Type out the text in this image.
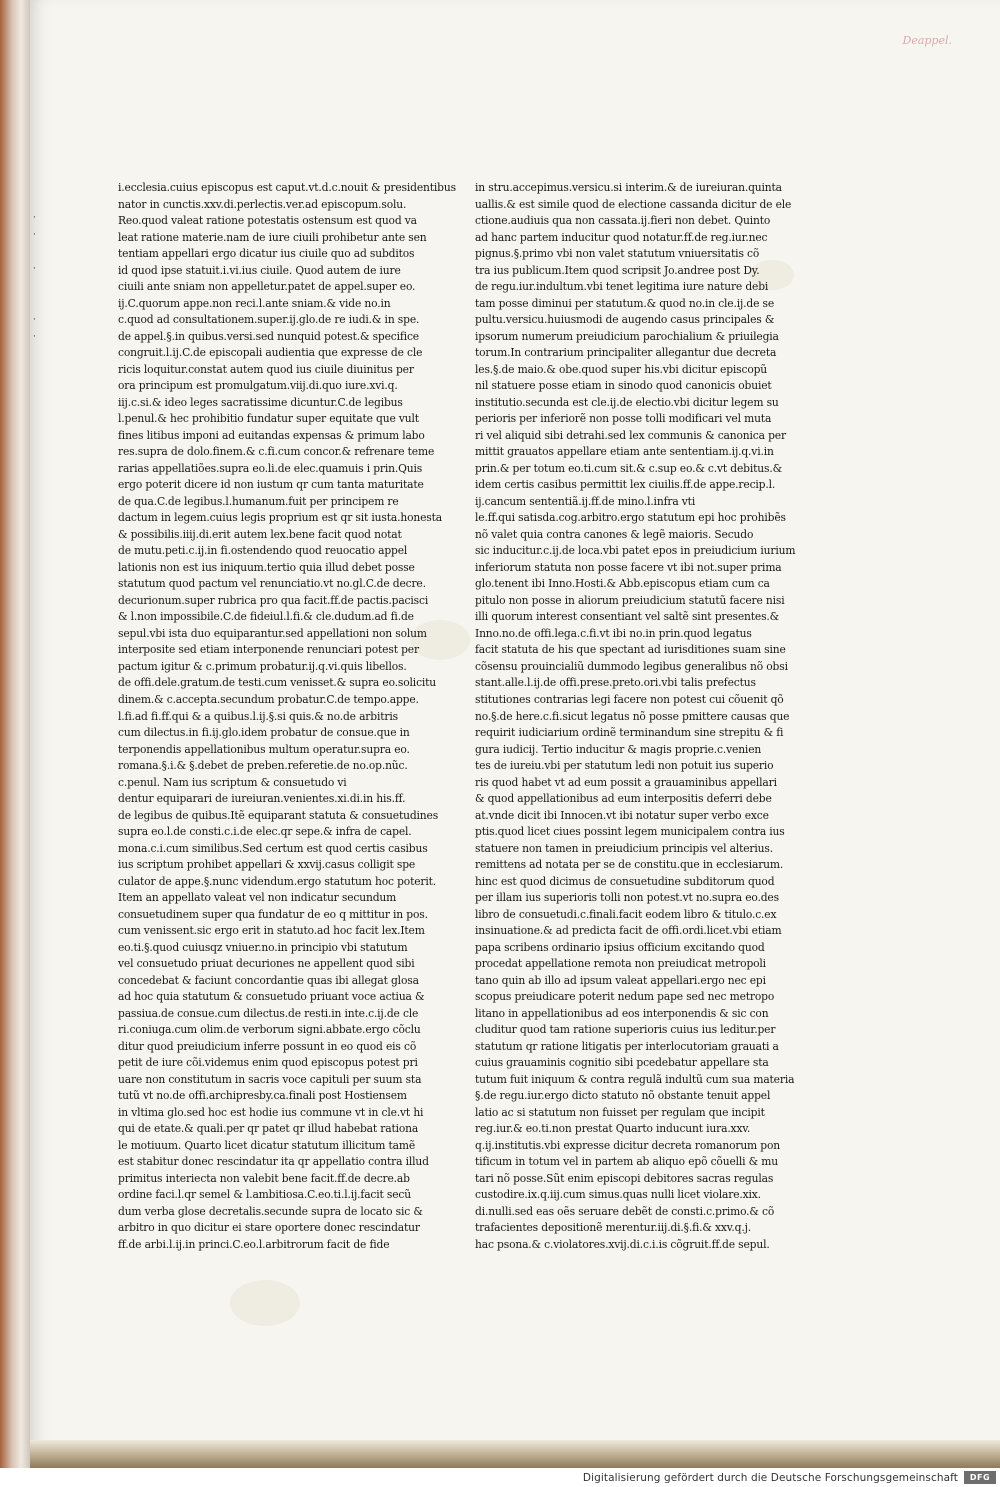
·
·

·

·
·
Deappel.
i.ecclesia.cuius episcopus est caput.vt.d.c.nouit & presidentibus
nator in cunctis.xxv.di.perlectis.ver.ad episcopum.solu.
Reo.quod valeat ratione potestatis ostensum est quod va
leat ratione materie.nam de iure ciuili prohibetur ante sen
tentiam appellari ergo dicatur ius ciuile quo ad subditos
id quod ipse statuit.i.vi.ius ciuile. Quod autem de iure
ciuili ante sniam non appelletur.patet de appel.super eo.
ij.C.quorum appe.non reci.l.ante sniam.& vide no.in
c.quod ad consultationem.super.ij.glo.de re iudi.& in spe.
de appel.§.in quibus.versi.sed nunquid potest.& specifice
congruit.l.ij.C.de episcopali audientia que expresse de cle
ricis loquitur.constat autem quod ius ciuile diuinitus per
ora principum est promulgatum.viij.di.quo iure.xvi.q.
iij.c.si.& ideo leges sacratissime dicuntur.C.de legibus
l.penul.& hec prohibitio fundatur super equitate que vult
fines litibus imponi ad euitandas expensas & primum labo
res.supra de dolo.finem.& c.fi.cum concor.& refrenare teme
rarias appellatiões.supra eo.li.de elec.quamuis i prin.Quis
ergo poterit dicere id non iustum qr cum tanta maturitate
de qua.C.de legibus.l.humanum.fuit per principem re
dactum in legem.cuius legis proprium est qr sit iusta.honesta
& possibilis.iiij.di.erit autem lex.bene facit quod notat
de mutu.peti.c.ij.in fi.ostendendo quod reuocatio appel
lationis non est ius iniquum.tertio quia illud debet posse
statutum quod pactum vel renunciatio.vt no.gl.C.de decre.
decurionum.super rubrica pro qua facit.ff.de pactis.pacisci
& l.non impossibile.C.de fideiul.l.fi.& cle.dudum.ad fi.de
sepul.vbi ista duo equiparantur.sed appellationi non solum
interposite sed etiam interponende renunciari potest per
pactum igitur & c.primum probatur.ij.q.vi.quis libellos.
de offi.dele.gratum.de testi.cum venisset.& supra eo.solicitu
dinem.& c.accepta.secundum probatur.C.de tempo.appe.
l.fi.ad fi.ff.qui & a quibus.l.ij.§.si quis.& no.de arbitris
cum dilectus.in fi.ij.glo.idem probatur de consue.que in
terponendis appellationibus multum operatur.supra eo.
romana.§.i.& §.debet de preben.referetie.de no.op.nũc.
c.penul. Nam ius scriptum & consuetudo vi
dentur equiparari de iureiuran.venientes.xi.di.in his.ff.
de legibus de quibus.Itẽ equiparant statuta & consuetudines
supra eo.l.de consti.c.i.de elec.qr sepe.& infra de capel.
mona.c.i.cum similibus.Sed certum est quod certis casibus
ius scriptum prohibet appellari & xxvij.casus colligit spe
culator de appe.§.nunc videndum.ergo statutum hoc poterit.
Item an appellato valeat vel non indicatur secundum
consuetudinem super qua fundatur de eo q mittitur in pos.
cum venissent.sic ergo erit in statuto.ad hoc facit lex.Item
eo.ti.§.quod cuiusqz vniuer.no.in principio vbi statutum
vel consuetudo priuat decuriones ne appellent quod sibi
concedebat & faciunt concordantie quas ibi allegat glosa
ad hoc quia statutum & consuetudo priuant voce actiua &
passiua.de consue.cum dilectus.de resti.in inte.c.ij.de cle
ri.coniuga.cum olim.de verborum signi.abbate.ergo cõclu
ditur quod preiudicium inferre possunt in eo quod eis cõ
petit de iure cõi.videmus enim quod episcopus potest pri
uare non constitutum in sacris voce capituli per suum sta
tutũ vt no.de offi.archipresby.ca.finali post Hostiensem
in vltima glo.sed hoc est hodie ius commune vt in cle.vt hi
qui de etate.& quali.per qr patet qr illud habebat rationa
le motiuum. Quarto licet dicatur statutum illicitum tamẽ
est stabitur donec rescindatur ita qr appellatio contra illud
primitus interiecta non valebit bene facit.ff.de decre.ab
ordine faci.l.qr semel & l.ambitiosa.C.eo.ti.l.ij.facit secũ
dum verba glose decretalis.secunde supra de locato sic &
arbitro in quo dicitur ei stare oportere donec rescindatur
ff.de arbi.l.ij.in princi.C.eo.l.arbitrorum facit de fide
in stru.accepimus.versicu.si interim.& de iureiuran.quinta
uallis.& est simile quod de electione cassanda dicitur de ele
ctione.audiuis qua non cassata.ij.fieri non debet. Quinto
ad hanc partem inducitur quod notatur.ff.de reg.iur.nec
pignus.§.primo vbi non valet statutum vniuersitatis cõ
tra ius publicum.Item quod scripsit Jo.andree post Dy.
de regu.iur.indultum.vbi tenet legitima iure nature debi
tam posse diminui per statutum.& quod no.in cle.ij.de se
pultu.versicu.huiusmodi de augendo casus principales &
ipsorum numerum preiudicium parochialium & priuilegia
torum.In contrarium principaliter allegantur due decreta
les.§.de maio.& obe.quod super his.vbi dicitur episcopũ
nil statuere posse etiam in sinodo quod canonicis obuiet
institutio.secunda est cle.ij.de electio.vbi dicitur legem su
perioris per inferiorẽ non posse tolli modificari vel muta
ri vel aliquid sibi detrahi.sed lex communis & canonica per
mittit grauatos appellare etiam ante sententiam.ij.q.vi.in
prin.& per totum eo.ti.cum sit.& c.sup eo.& c.vt debitus.&
idem certis casibus permittit lex ciuilis.ff.de appe.recip.l.
ij.cancum sententiã.ij.ff.de mino.l.infra vti
le.ff.qui satisda.cog.arbitro.ergo statutum epi hoc prohibẽs
nõ valet quia contra canones & legẽ maioris. Secudo
sic inducitur.c.ij.de loca.vbi patet epos in preiudicium iurium
inferiorum statuta non posse facere vt ibi not.super prima
glo.tenent ibi Inno.Hosti.& Abb.episcopus etiam cum ca
pitulo non posse in aliorum preiudicium statutũ facere nisi
illi quorum interest consentiant vel saltẽ sint presentes.&
Inno.no.de offi.lega.c.fi.vt ibi no.in prin.quod legatus
facit statuta de his que spectant ad iurisditiones suam sine
cõsensu prouincialiũ dummodo legibus generalibus nõ obsi
stant.alle.l.ij.de offi.prese.preto.ori.vbi talis prefectus
stitutiones contrarias legi facere non potest cui cõuenit qõ
no.§.de here.c.fi.sicut legatus nõ posse pmittere causas que
requirit iudiciarium ordinẽ terminandum sine strepitu & fi
gura iudicij. Tertio inducitur & magis proprie.c.venien
tes de iureiu.vbi per statutum ledi non potuit ius superio
ris quod habet vt ad eum possit a grauaminibus appellari
& quod appellationibus ad eum interpositis deferri debe
at.vnde dicit ibi Innocen.vt ibi notatur super verbo exce
ptis.quod licet ciues possint legem municipalem contra ius
statuere non tamen in preiudicium principis vel alterius.
remittens ad notata per se de constitu.que in ecclesiarum.
hinc est quod dicimus de consuetudine subditorum quod
per illam ius superioris tolli non potest.vt no.supra eo.des
libro de consuetudi.c.finali.facit eodem libro & titulo.c.ex
insinuatione.& ad predicta facit de offi.ordi.licet.vbi etiam
papa scribens ordinario ipsius officium excitando quod
procedat appellatione remota non preiudicat metropoli
tano quin ab illo ad ipsum valeat appellari.ergo nec epi
scopus preiudicare poterit nedum pape sed nec metropo
litano in appellationibus ad eos interponendis & sic con
cluditur quod tam ratione superioris cuius ius leditur.per
statutum qr ratione litigatis per interlocutoriam grauati a
cuius grauaminis cognitio sibi pcedebatur appellare sta
tutum fuit iniquum & contra regulã indultũ cum sua materia
§.de regu.iur.ergo dicto statuto nõ obstante tenuit appel
latio ac si statutum non fuisset per regulam que incipit
reg.iur.& eo.ti.non prestat Quarto inducunt iura.xxv.
q.ij.institutis.vbi expresse dicitur decreta romanorum pon
tificum in totum vel in partem ab aliquo epõ cõuelli & mu
tari nõ posse.Sũt enim episcopi debitores sacras regulas
custodire.ix.q.iij.cum simus.quas nulli licet violare.xix.
di.nulli.sed eas oẽs seruare debẽt de consti.c.primo.& cõ
trafacientes depositionẽ merentur.iij.di.§.fi.& xxv.q.j.
hac psona.& c.violatores.xvij.di.c.i.is cõgruit.ff.de sepul.
Digitalisierung gefördert durch die Deutsche Forschungsgemeinschaft	DFG
